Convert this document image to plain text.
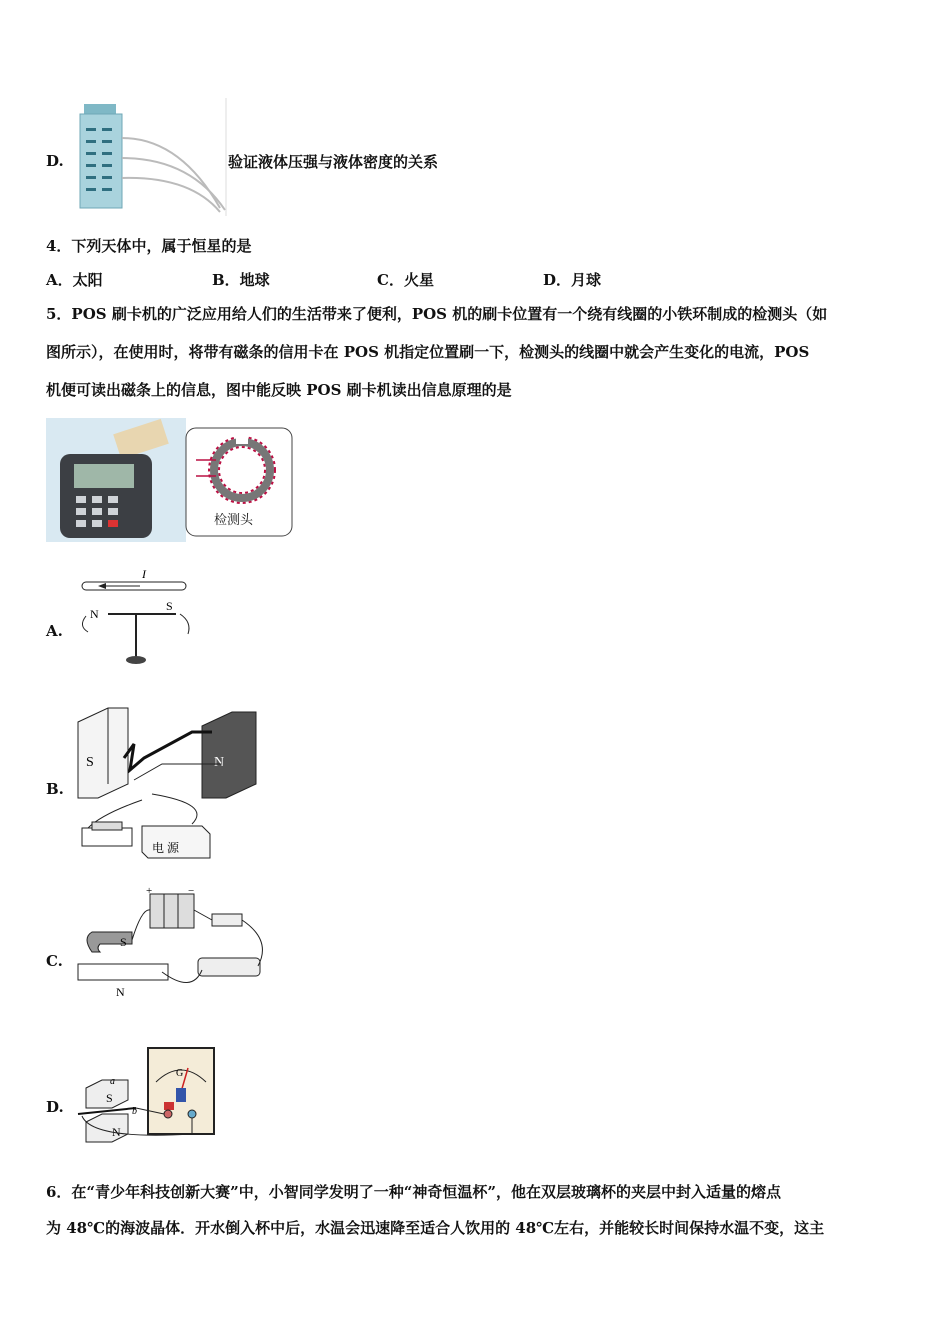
D.	验证液体压强与液体密度的关系
4．下列天体中，属于恒星的是
A．太阳	B．地球	C．火星	D．月球
5．POS 刷卡机的广泛应用给人们的生活带来了便利，POS 机的刷卡位置有一个绕有线圈的小铁环制成的检测头（如
图所示），在使用时，将带有磁条的信用卡在 POS 机指定位置刷一下，检测头的线圈中就会产生变化的电流，POS
机便可读出磁条上的信息，图中能反映 POS 刷卡机读出信息原理的是
检测头
A.
I
N
S
B.
S	N
电 源
C.
+	−
S
N
D.	S
N
a
b
G
6．在“青少年科技创新大赛”中，小智同学发明了一种“神奇恒温杯”，他在双层玻璃杯的夹层中封入适量的熔点
为 48℃的海波晶体．开水倒入杯中后，水温会迅速降至适合人饮用的 48℃左右，并能较长时间保持水温不变，这主
